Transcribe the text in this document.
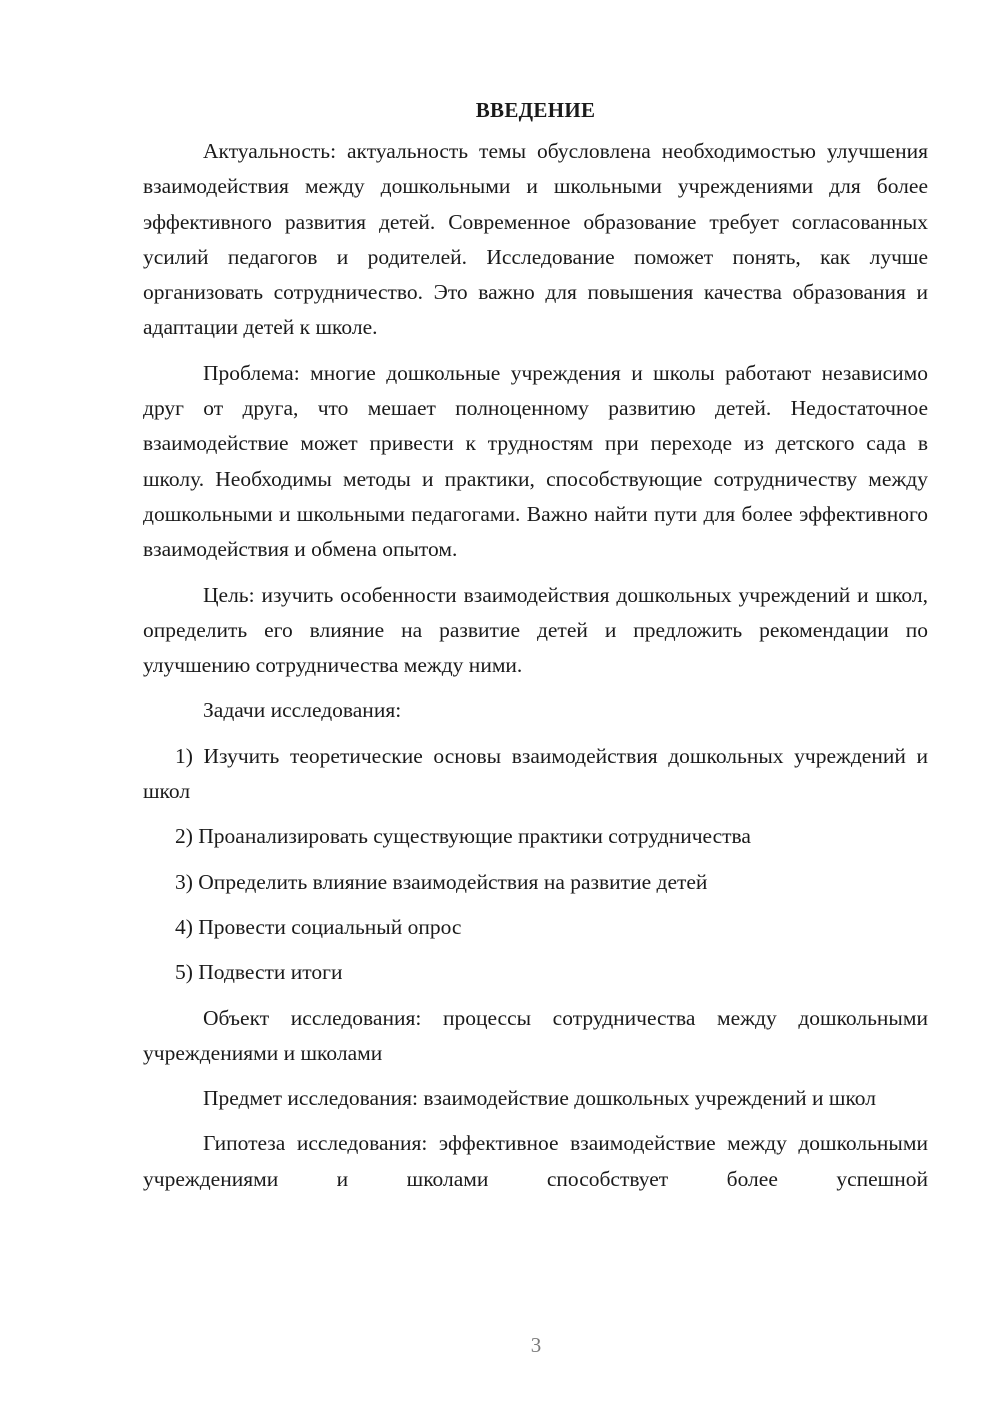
ВВЕДЕНИЕ

Актуальность: актуальность темы обусловлена необходимостью улучшения взаимодействия между дошкольными и школьными учреждениями для более эффективного развития детей. Современное образование требует согласованных усилий педагогов и родителей. Исследование поможет понять, как лучше организовать сотрудничество. Это важно для повышения качества образования и адаптации детей к школе.

Проблема: многие дошкольные учреждения и школы работают независимо друг от друга, что мешает полноценному развитию детей. Недостаточное взаимодействие может привести к трудностям при переходе из детского сада в школу. Необходимы методы и практики, способствующие сотрудничеству между дошкольными и школьными педагогами. Важно найти пути для более эффективного взаимодействия и обмена опытом.

Цель: изучить особенности взаимодействия дошкольных учреждений и школ, определить его влияние на развитие детей и предложить рекомендации по улучшению сотрудничества между ними.

Задачи исследования:

1) Изучить теоретические основы взаимодействия дошкольных учреждений и школ

2) Проанализировать существующие практики сотрудничества

3) Определить влияние взаимодействия на развитие детей

4) Провести социальный опрос

5) Подвести итоги

Объект исследования: процессы сотрудничества между дошкольными учреждениями и школами

Предмет исследования: взаимодействие дошкольных учреждений и школ

Гипотеза исследования: эффективное взаимодействие между дошкольными учреждениями и школами способствует более успешной

3
